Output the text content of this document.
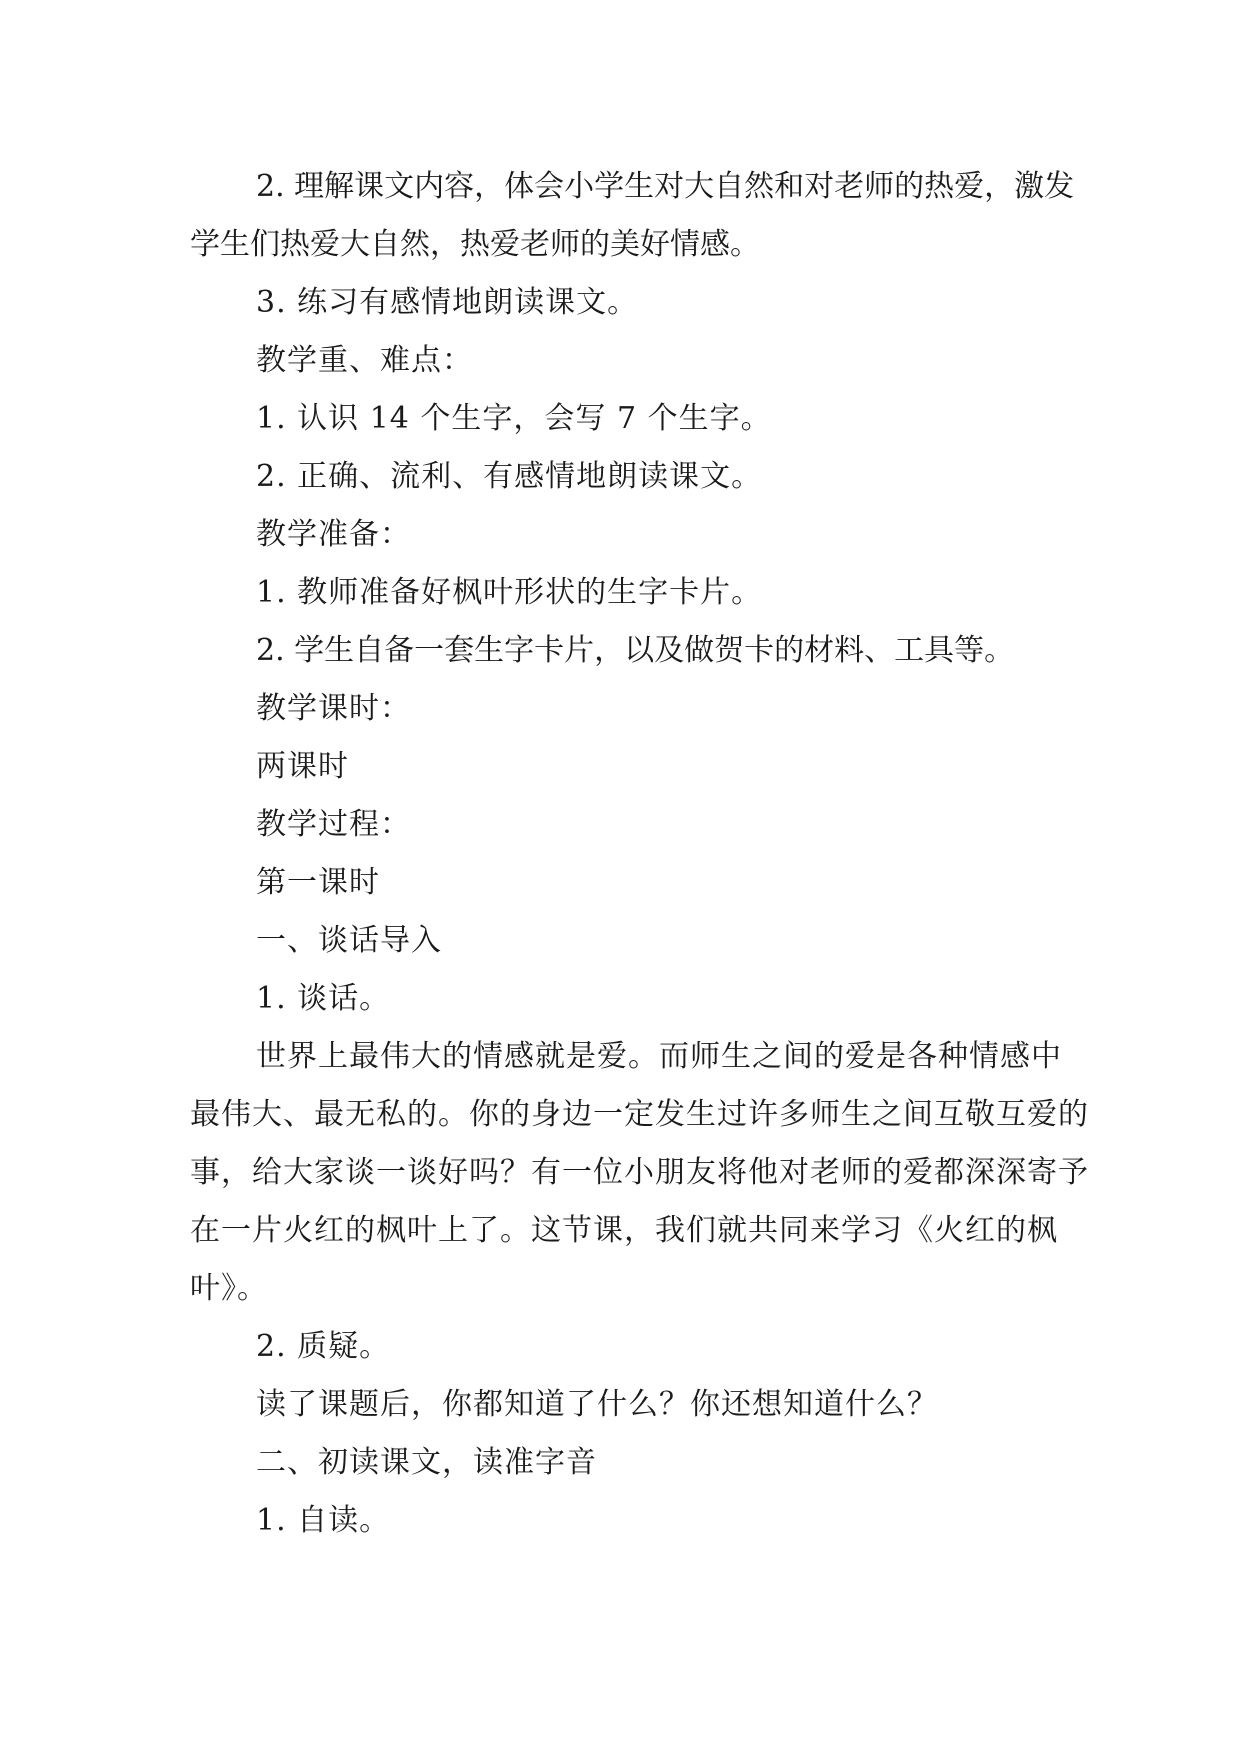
2. 理解课文内容，体会小学生对大自然和对老师的热爱，激发学生们热爱大自然，热爱老师的美好情感。

3. 练习有感情地朗读课文。

教学重、难点：

1. 认识 14 个生字，会写 7 个生字。

2. 正确、流利、有感情地朗读课文。

教学准备：

1. 教师准备好枫叶形状的生字卡片。

2. 学生自备一套生字卡片，以及做贺卡的材料、工具等。

教学课时：

两课时

教学过程：

第一课时

一、谈话导入

1. 谈话。

世界上最伟大的情感就是爱。而师生之间的爱是各种情感中最伟大、最无私的。你的身边一定发生过许多师生之间互敬互爱的事，给大家谈一谈好吗？有一位小朋友将他对老师的爱都深深寄予在一片火红的枫叶上了。这节课，我们就共同来学习《火红的枫叶》。

2. 质疑。

读了课题后，你都知道了什么？你还想知道什么？

二、初读课文，读准字音

1. 自读。
